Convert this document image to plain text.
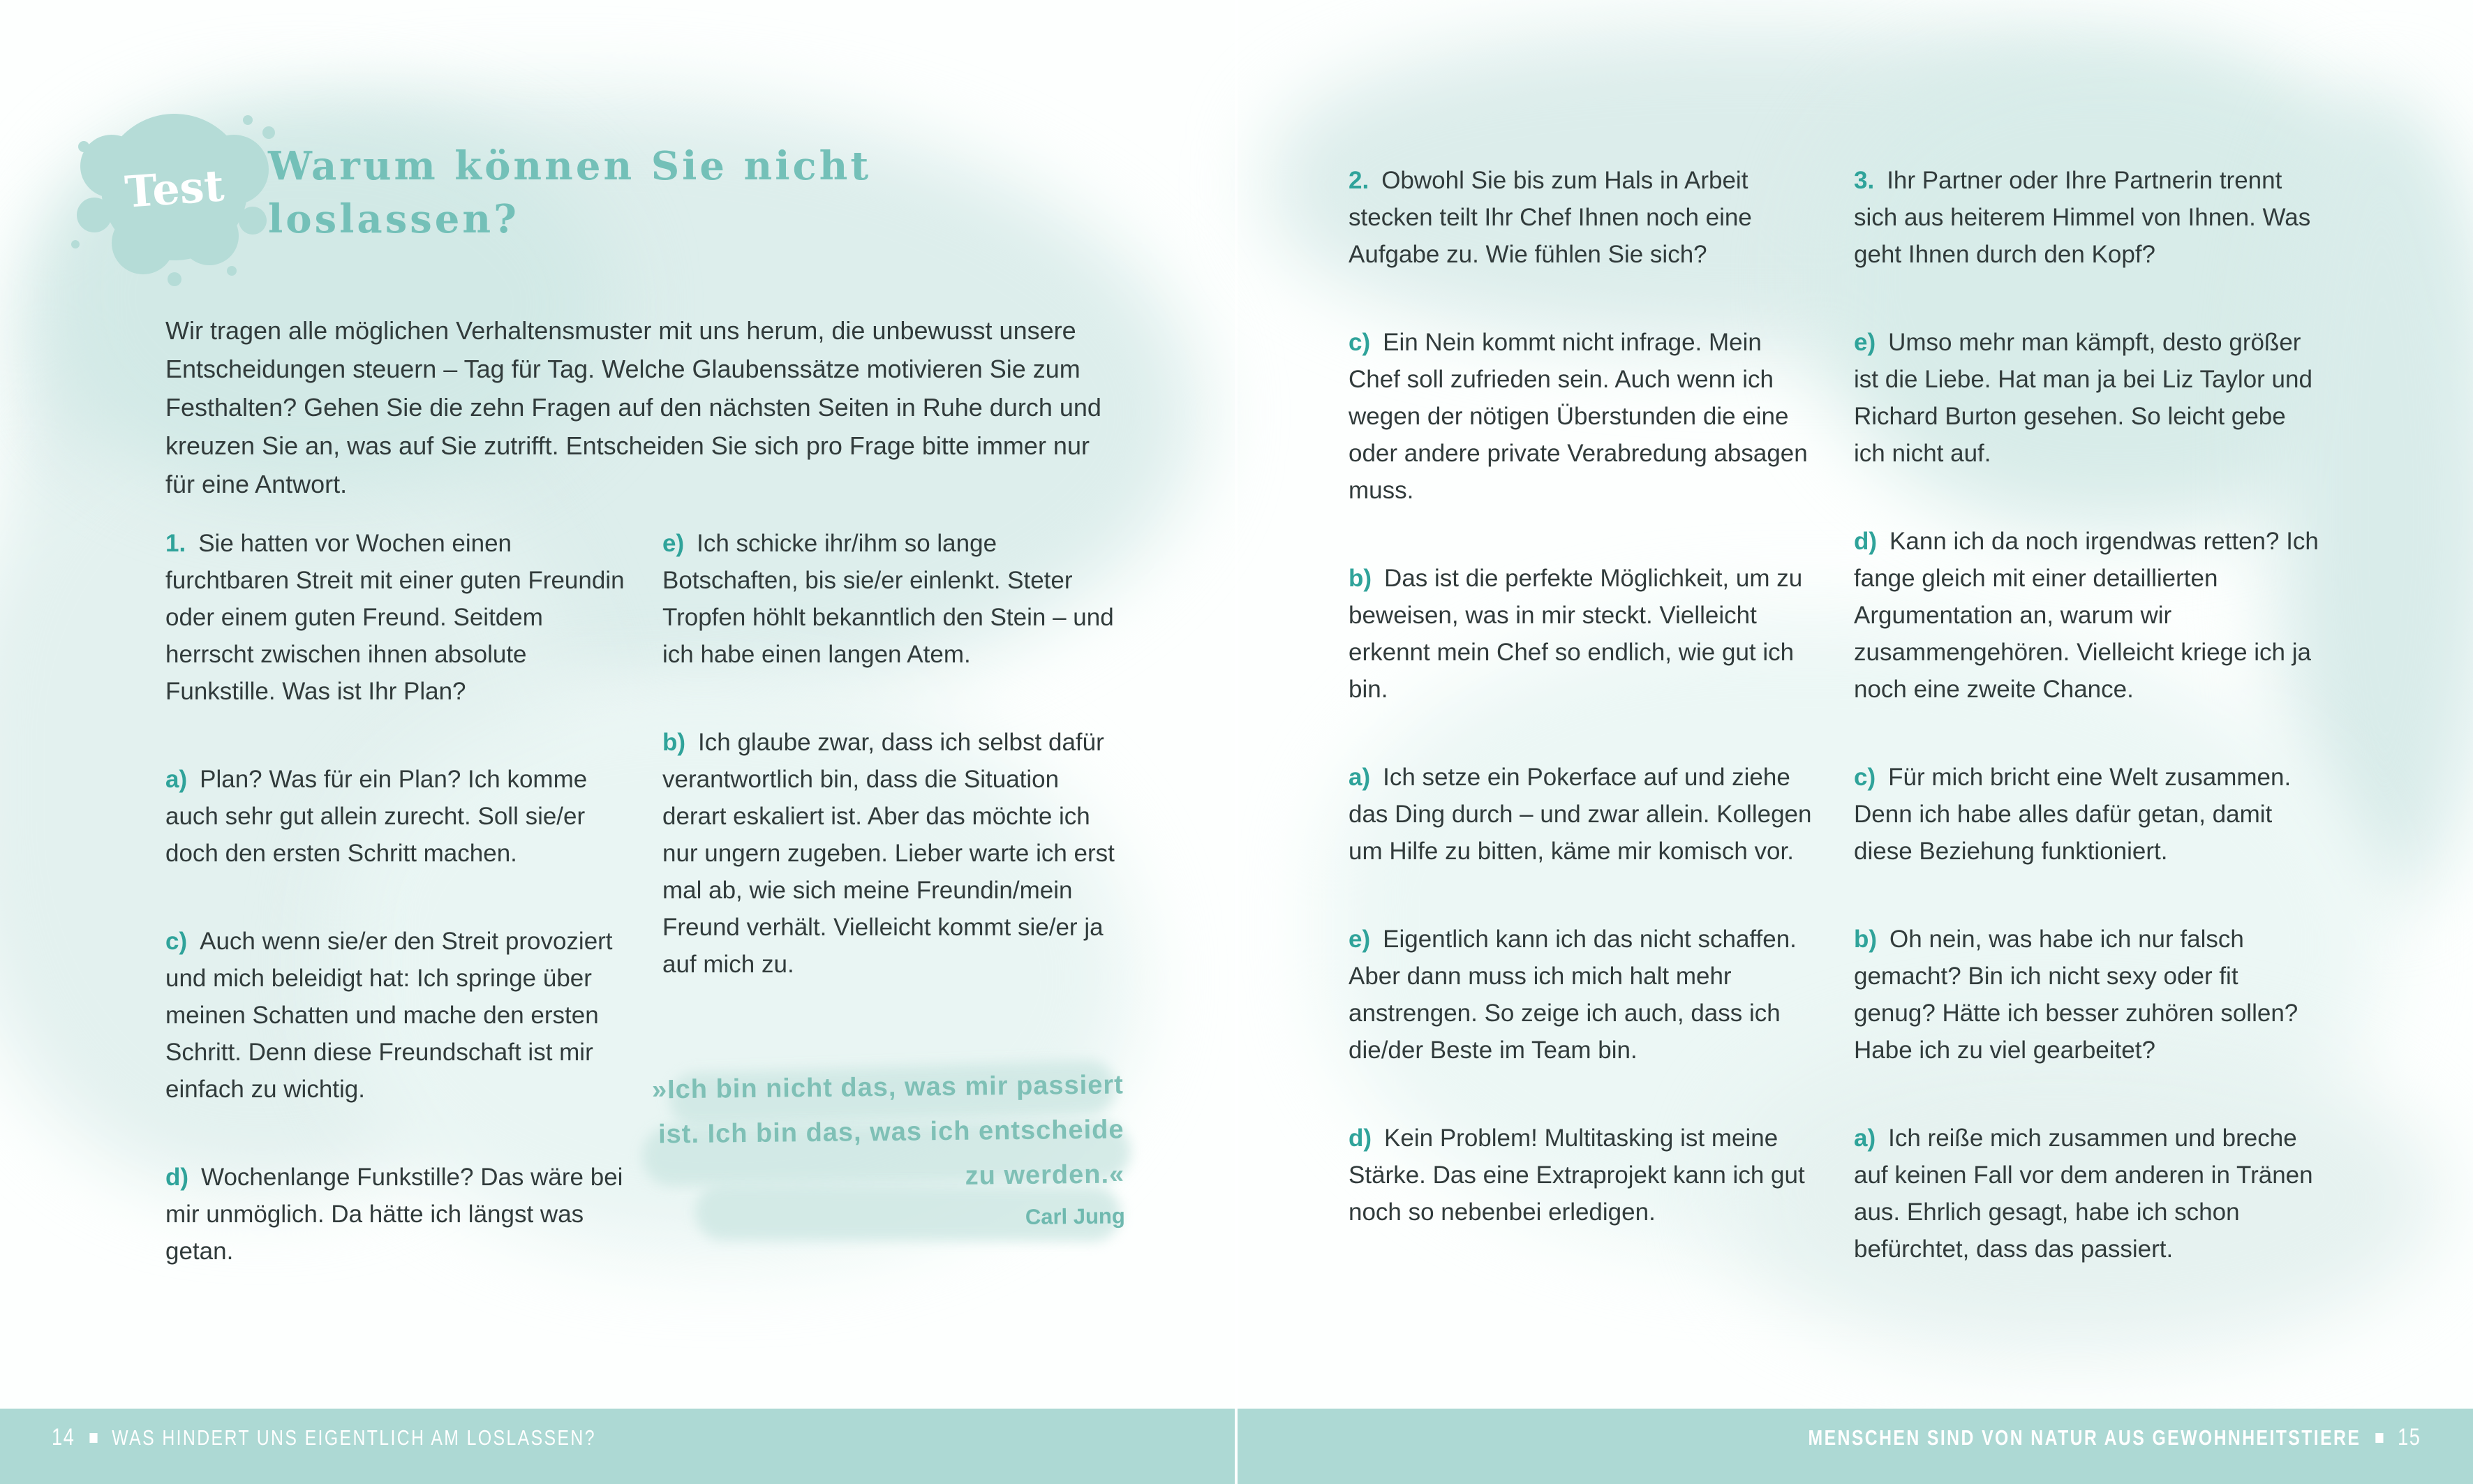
Test	Warum können Sie nicht loslassen?

Wir tragen alle möglichen Verhaltensmuster mit uns herum, die unbewusst unsere Entscheidungen steuern – Tag für Tag. Welche Glaubenssätze motivieren Sie zum Festhalten? Gehen Sie die zehn Fragen auf den nächsten Seiten in Ruhe durch und kreuzen Sie an, was auf Sie zutrifft. Entscheiden Sie sich pro Frage bitte immer nur für eine Antwort.

1. Sie hatten vor Wochen einen furchtbaren Streit mit einer guten Freundin oder einem guten Freund. Seitdem herrscht zwischen ihnen absolute Funkstille. Was ist Ihr Plan?
a) Plan? Was für ein Plan? Ich komme auch sehr gut allein zurecht. Soll sie/er doch den ersten Schritt machen.
c) Auch wenn sie/er den Streit provoziert und mich beleidigt hat: Ich springe über meinen Schatten und mache den ersten Schritt. Denn diese Freundschaft ist mir einfach zu wichtig.
d) Wochenlange Funkstille? Das wäre bei mir unmöglich. Da hätte ich längst was getan.
e) Ich schicke ihr/ihm so lange Botschaften, bis sie/er einlenkt. Steter Tropfen höhlt bekanntlich den Stein – und ich habe einen langen Atem.
b) Ich glaube zwar, dass ich selbst dafür verantwortlich bin, dass die Situation derart eskaliert ist. Aber das möchte ich nur ungern zugeben. Lieber warte ich erst mal ab, wie sich meine Freundin/mein Freund verhält. Vielleicht kommt sie/er ja auf mich zu.
»Ich bin nicht das, was mir passiert ist. Ich bin das, was ich entscheide zu werden.«
Carl Jung
2. Obwohl Sie bis zum Hals in Arbeit stecken teilt Ihr Chef Ihnen noch eine Aufgabe zu. Wie fühlen Sie sich?
c) Ein Nein kommt nicht infrage. Mein Chef soll zufrieden sein. Auch wenn ich wegen der nötigen Überstunden die eine oder andere private Verabredung absagen muss.
b) Das ist die perfekte Möglichkeit, um zu beweisen, was in mir steckt. Vielleicht erkennt mein Chef so endlich, wie gut ich bin.
a) Ich setze ein Pokerface auf und ziehe das Ding durch – und zwar allein. Kollegen um Hilfe zu bitten, käme mir komisch vor.
e) Eigentlich kann ich das nicht schaffen. Aber dann muss ich mich halt mehr anstrengen. So zeige ich auch, dass ich die/der Beste im Team bin.
d) Kein Problem! Multitasking ist meine Stärke. Das eine Extraprojekt kann ich gut noch so nebenbei erledigen.
3. Ihr Partner oder Ihre Partnerin trennt sich aus heiterem Himmel von Ihnen. Was geht Ihnen durch den Kopf?
e) Umso mehr man kämpft, desto größer ist die Liebe. Hat man ja bei Liz Taylor und Richard Burton gesehen. So leicht gebe ich nicht auf.
d) Kann ich da noch irgendwas retten? Ich fange gleich mit einer detaillierten Argumentation an, warum wir zusammengehören. Vielleicht kriege ich ja noch eine zweite Chance.
c) Für mich bricht eine Welt zusammen. Denn ich habe alles dafür getan, damit diese Beziehung funktioniert.
b) Oh nein, was habe ich nur falsch gemacht? Bin ich nicht sexy oder fit genug? Hätte ich besser zuhören sollen? Habe ich zu viel gearbeitet?
a) Ich reiße mich zusammen und breche auf keinen Fall vor dem anderen in Tränen aus. Ehrlich gesagt, habe ich schon befürchtet, dass das passiert.
14 WAS HINDERT UNS EIGENTLICH AM LOSLASSEN?	MENSCHEN SIND VON NATUR AUS GEWOHNHEITSTIERE 15
